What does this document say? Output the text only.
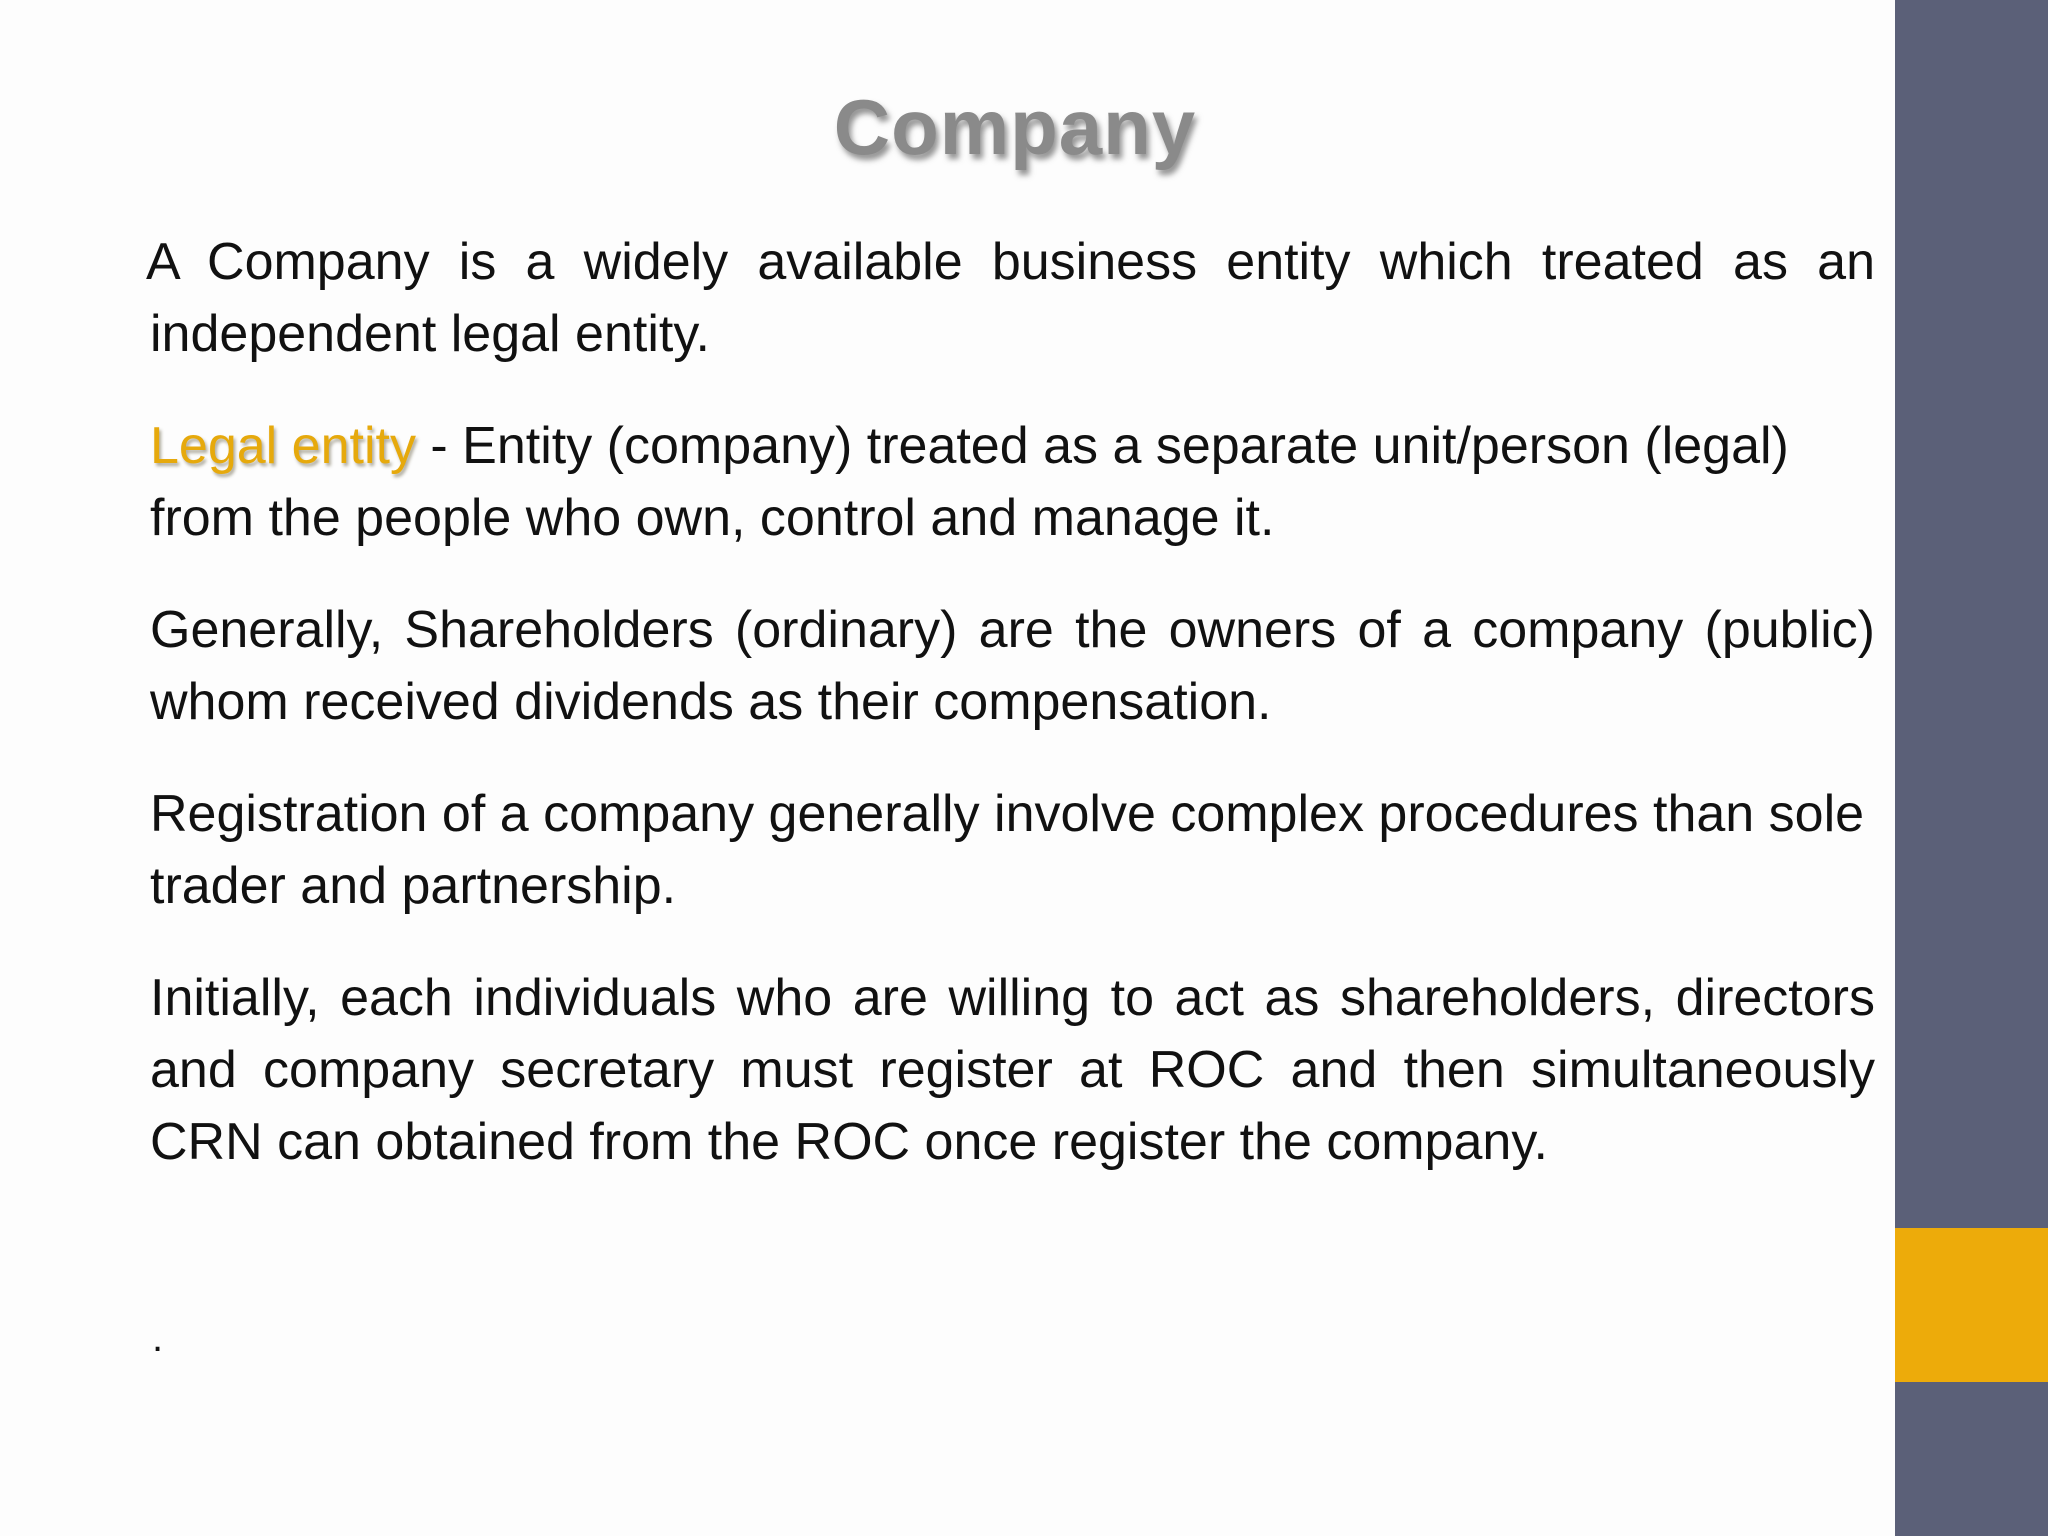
Company

A Company is a widely available business entity which treated as an independent legal entity.

Legal entity - Entity (company) treated as a separate unit/person (legal) from the people who own, control and manage it.

Generally, Shareholders (ordinary) are the owners of a company (public) whom received dividends as their compensation.

Registration of a company generally involve complex procedures than sole trader and partnership.

Initially, each individuals who are willing to act as shareholders, directors and company secretary must register at ROC and then simultaneously CRN can obtained from the ROC once register the company.

.
